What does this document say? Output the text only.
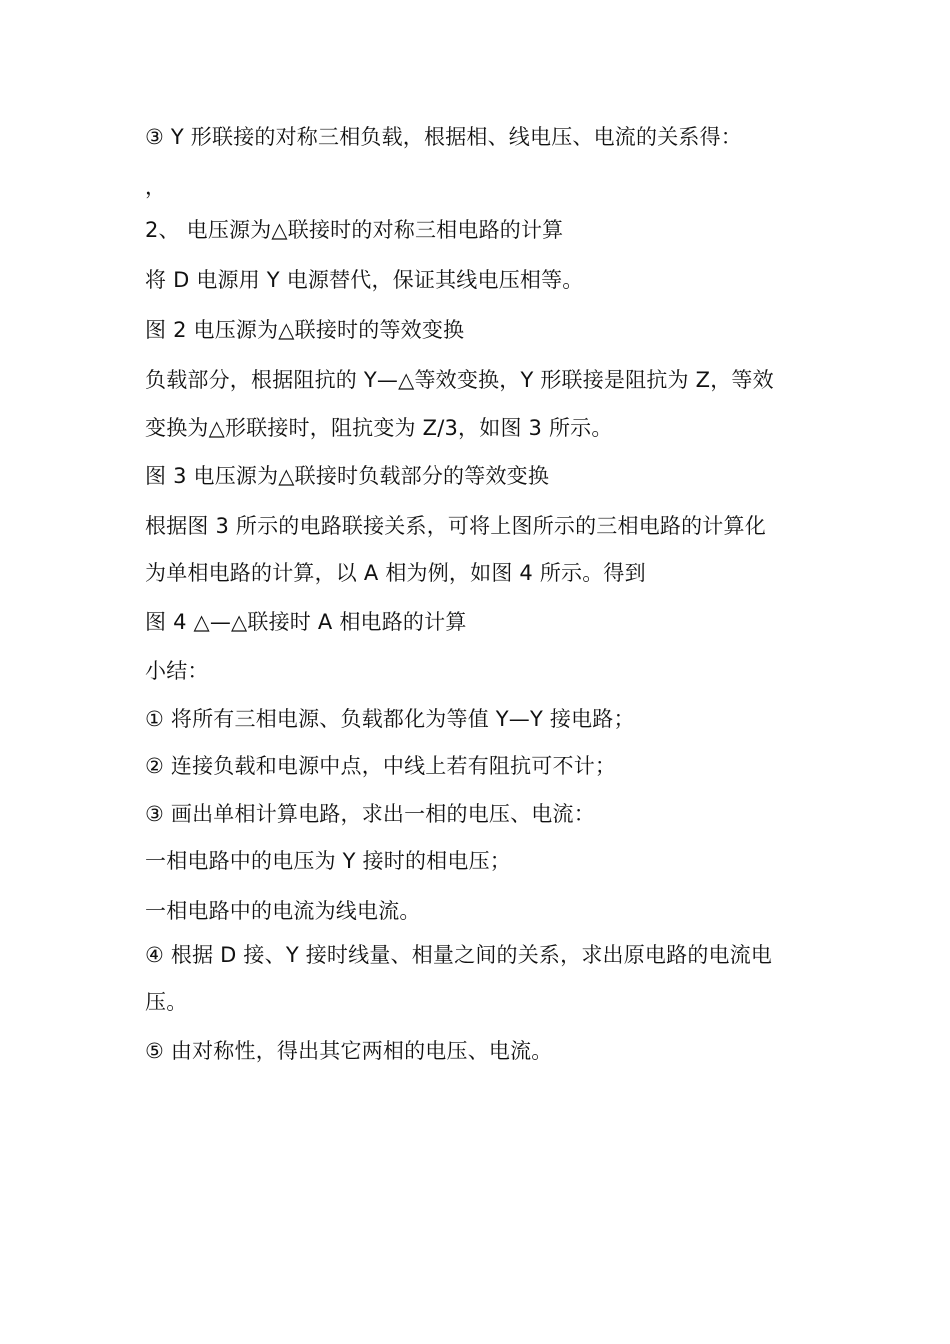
③ Y 形联接的对称三相负载，根据相、线电压、电流的关系得：
，
2、 电压源为△联接时的对称三相电路的计算
将 D 电源用 Y 电源替代，保证其线电压相等。
图 2 电压源为△联接时的等效变换
负载部分，根据阻抗的 Y—△等效变换，Y 形联接是阻抗为 Z，等效
变换为△形联接时，阻抗变为 Z/3，如图 3 所示。
图 3 电压源为△联接时负载部分的等效变换
根据图 3 所示的电路联接关系，可将上图所示的三相电路的计算化
为单相电路的计算，以 A 相为例，如图 4 所示。得到
图 4 △—△联接时 A 相电路的计算
小结：
① 将所有三相电源、负载都化为等值 Y—Y 接电路；
② 连接负载和电源中点，中线上若有阻抗可不计；
③ 画出单相计算电路，求出一相的电压、电流：
一相电路中的电压为 Y 接时的相电压；
一相电路中的电流为线电流。
④ 根据 D 接、Y 接时线量、相量之间的关系，求出原电路的电流电
压。
⑤ 由对称性，得出其它两相的电压、电流。
